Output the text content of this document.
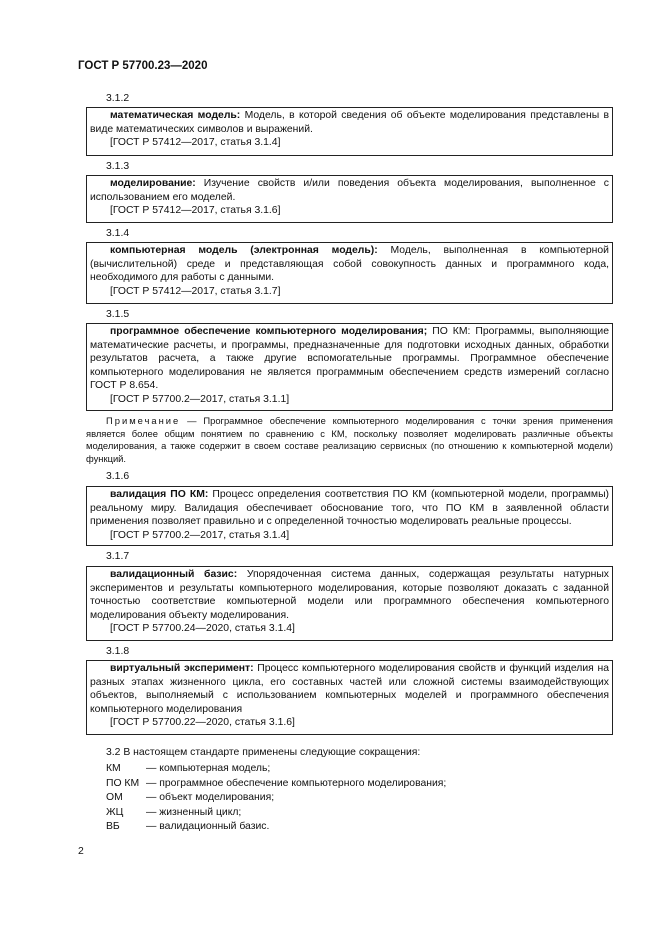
ГОСТ Р 57700.23—2020
3.1.2

математическая модель: Модель, в которой сведения об объекте моделирования представлены в виде математических символов и выражений.

[ГОСТ Р 57412—2017, статья 3.1.4]

3.1.3

моделирование: Изучение свойств и/или поведения объекта моделирования, выполненное с использованием его моделей.

[ГОСТ Р 57412—2017, статья 3.1.6]

3.1.4

компьютерная модель (электронная модель): Модель, выполненная в компьютерной (вычислительной) среде и представляющая собой совокупность данных и программного кода, необходимого для работы с данными.

[ГОСТ Р 57412—2017, статья 3.1.7]

3.1.5

программное обеспечение компьютерного моделирования; ПО КМ: Программы, выполняющие математические расчеты, и программы, предназначенные для подготовки исходных данных, обработки результатов расчета, а также другие вспомогательные программы. Программное обеспечение компьютерного моделирования не является программным обеспечением средств измерений согласно ГОСТ Р 8.654.

[ГОСТ Р 57700.2—2017, статья 3.1.1]

Примечание — Программное обеспечение компьютерного моделирования с точки зрения применения является более общим понятием по сравнению с КМ, поскольку позволяет моделировать различные объекты моделирования, а также содержит в своем составе реализацию сервисных (по отношению к компьютерной модели) функций.

3.1.6

валидация ПО КМ: Процесс определения соответствия ПО КМ (компьютерной модели, программы) реальному миру. Валидация обеспечивает обоснование того, что ПО КМ в заявленной области применения позволяет правильно и с определенной точностью моделировать реальные процессы.

[ГОСТ Р 57700.2—2017, статья 3.1.4]

3.1.7

валидационный базис: Упорядоченная система данных, содержащая результаты натурных экспериментов и результаты компьютерного моделирования, которые позволяют доказать с заданной точностью соответствие компьютерной модели или программного обеспечения компьютерного моделирования объекту моделирования.

[ГОСТ Р 57700.24—2020, статья 3.1.4]

3.1.8

виртуальный эксперимент: Процесс компьютерного моделирования свойств и функций изделия на разных этапах жизненного цикла, его составных частей или сложной системы взаимодействующих объектов, выполняемый с использованием компьютерных моделей и программного обеспечения компьютерного моделирования

[ГОСТ Р 57700.22—2020, статья 3.1.6]

3.2 В настоящем стандарте применены следующие сокращения:
КМ	— компьютерная модель;
ПО КМ — программное обеспечение компьютерного моделирования;
ОМ	— объект моделирования;
ЖЦ	— жизненный цикл;
ВБ	— валидационный базис.
2
